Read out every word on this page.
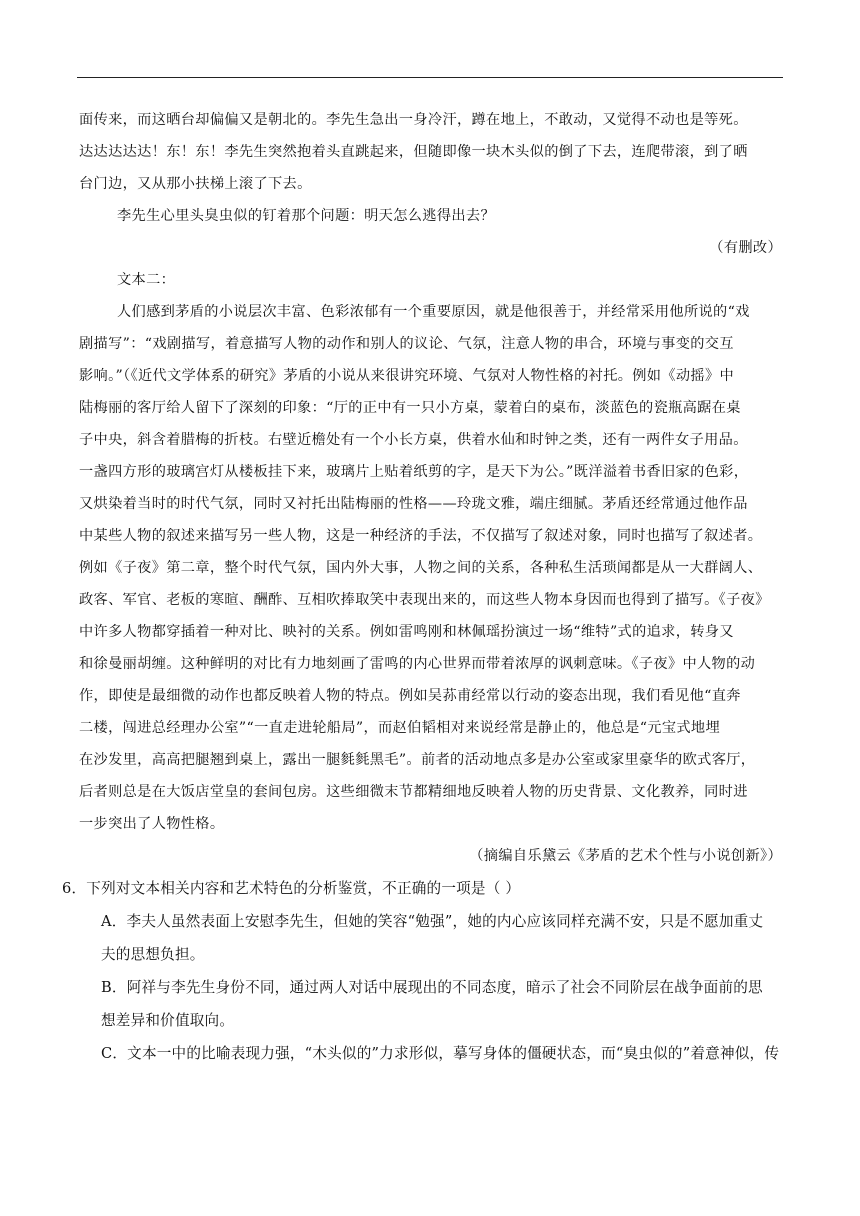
面传来，而这晒台却偏偏又是朝北的。李先生急出一身冷汗，蹲在地上，不敢动，又觉得不动也是等死。
达达达达达！东！东！李先生突然抱着头直跳起来，但随即像一块木头似的倒了下去，连爬带滚，到了晒
台门边，又从那小扶梯上滚了下去。
李先生心里头臭虫似的钉着那个问题：明天怎么逃得出去？
（有删改）
文本二：
人们感到茅盾的小说层次丰富、色彩浓郁有一个重要原因，就是他很善于，并经常采用他所说的“戏
剧描写”：“戏剧描写，着意描写人物的动作和别人的议论、气氛，注意人物的串合，环境与事变的交互
影响。”（《近代文学体系的研究》茅盾的小说从来很讲究环境、气氛对人物性格的衬托。例如《动摇》中
陆梅丽的客厅给人留下了深刻的印象：“厅的正中有一只小方桌，蒙着白的桌布，淡蓝色的瓷瓶高踞在桌
子中央，斜含着腊梅的折枝。右壁近檐处有一个小长方桌，供着水仙和时钟之类，还有一两件女子用品。
一盏四方形的玻璃宫灯从楼板挂下来，玻璃片上贴着纸剪的字，是天下为公。”既洋溢着书香旧家的色彩，
又烘染着当时的时代气氛，同时又衬托出陆梅丽的性格——玲珑文雅，端庄细腻。茅盾还经常通过他作品
中某些人物的叙述来描写另一些人物，这是一种经济的手法，不仅描写了叙述对象，同时也描写了叙述者。
例如《子夜》第二章，整个时代气氛，国内外大事，人物之间的关系，各种私生活琐闻都是从一大群阔人、
政客、军官、老板的寒暄、酬酢、互相吹捧取笑中表现出来的，而这些人物本身因而也得到了描写。《子夜》
中许多人物都穿插着一种对比、映衬的关系。例如雷鸣刚和林佩瑶扮演过一场“维特”式的追求，转身又
和徐曼丽胡缠。这种鲜明的对比有力地刻画了雷鸣的内心世界而带着浓厚的讽刺意味。《子夜》中人物的动
作，即使是最细微的动作也都反映着人物的特点。例如吴荪甫经常以行动的姿态出现，我们看见他“直奔
二楼，闯进总经理办公室”“一直走进轮船局”，而赵伯韬相对来说经常是静止的，他总是“元宝式地埋
在沙发里，高高把腿翘到桌上，露出一腿毵毵黑毛”。前者的活动地点多是办公室或家里豪华的欧式客厅，
后者则总是在大饭店堂皇的套间包房。这些细微末节都精细地反映着人物的历史背景、文化教养，同时进
一步突出了人物性格。
（摘编自乐黛云《茅盾的艺术个性与小说创新》）
6．下列对文本相关内容和艺术特色的分析鉴赏，不正确的一项是（ ）
A．李夫人虽然表面上安慰李先生，但她的笑容“勉强”，她的内心应该同样充满不安，只是不愿加重丈
夫的思想负担。
B．阿祥与李先生身份不同，通过两人对话中展现出的不同态度，暗示了社会不同阶层在战争面前的思
想差异和价值取向。
C．文本一中的比喻表现力强，“木头似的”力求形似，摹写身体的僵硬状态，而“臭虫似的”着意神似，传
